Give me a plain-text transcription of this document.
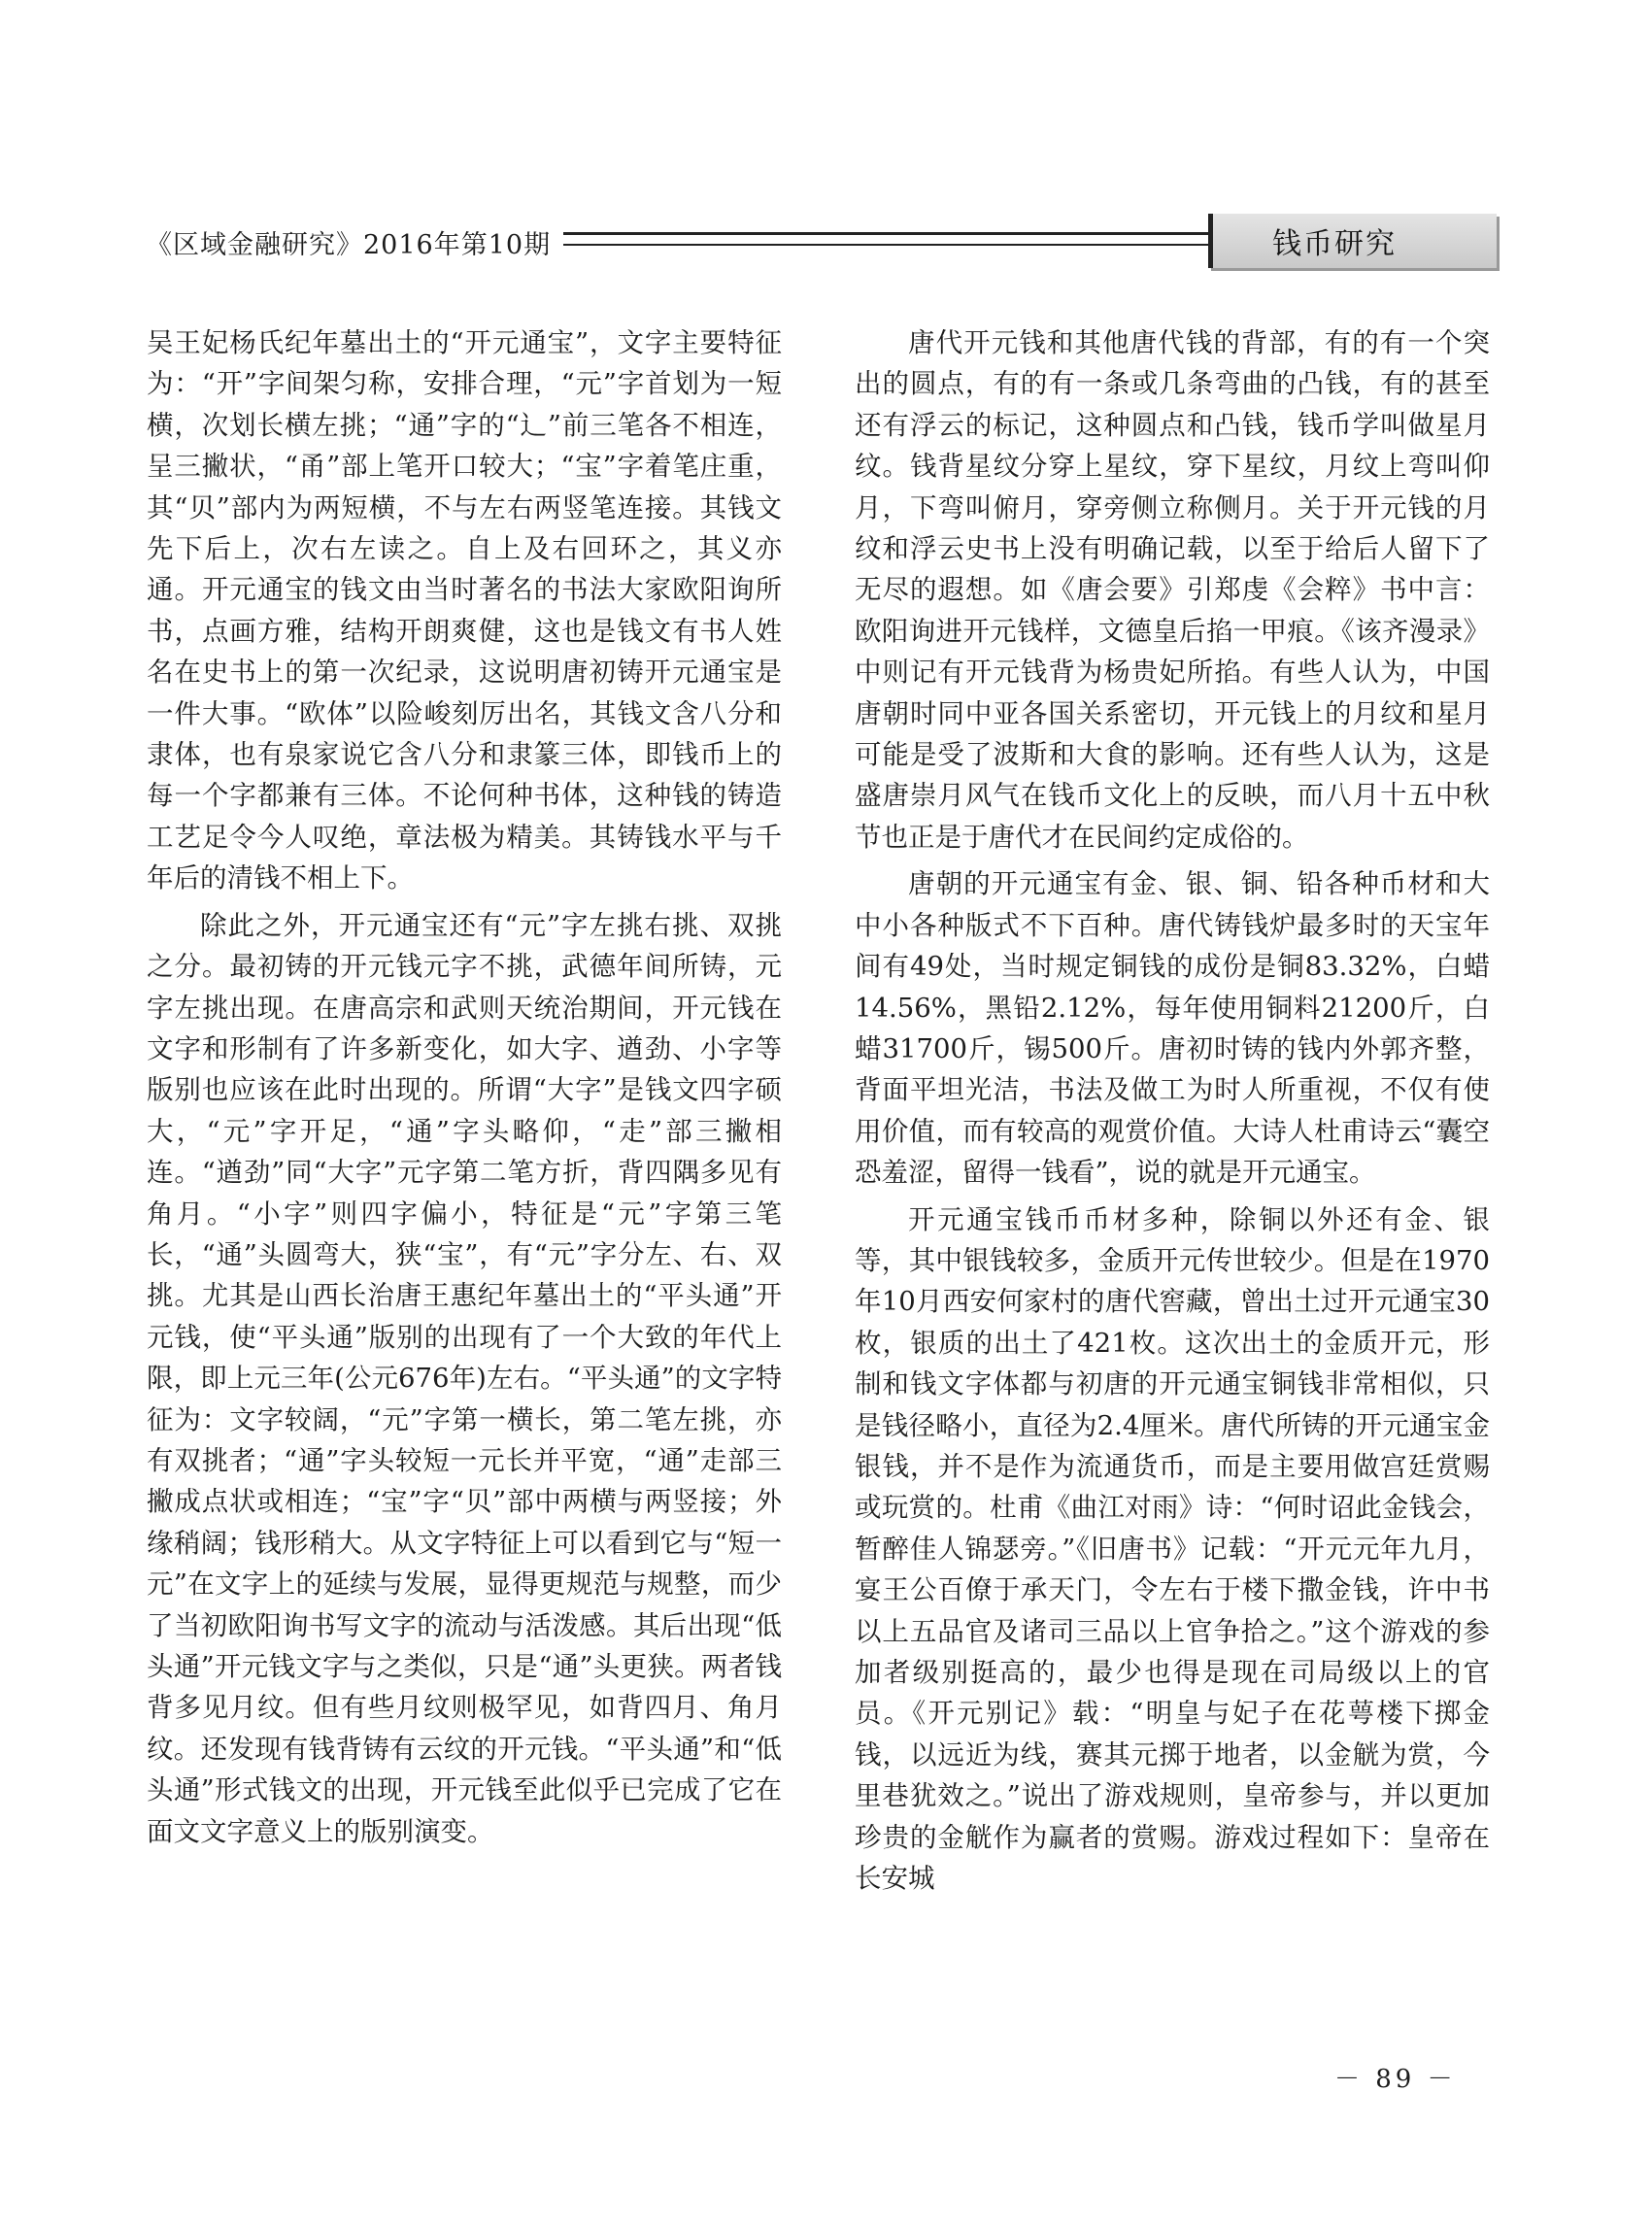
《区域金融研究》2016年第10期	钱币研究

吴王妃杨氏纪年墓出土的“开元通宝”，文字主要特征为：“开”字间架匀称，安排合理，“元”字首划为一短横，次划长横左挑；“通”字的“辶”前三笔各不相连，呈三撇状，“甬”部上笔开口较大；“宝”字着笔庄重，其“贝”部内为两短横，不与左右两竖笔连接。其钱文先下后上，次右左读之。自上及右回环之，其义亦通。开元通宝的钱文由当时著名的书法大家欧阳询所书，点画方雅，结构开朗爽健，这也是钱文有书人姓名在史书上的第一次纪录，这说明唐初铸开元通宝是一件大事。“欧体”以险峻刻厉出名，其钱文含八分和隶体，也有泉家说它含八分和隶篆三体，即钱币上的每一个字都兼有三体。不论何种书体，这种钱的铸造工艺足令今人叹绝，章法极为精美。其铸钱水平与千年后的清钱不相上下。

除此之外，开元通宝还有“元”字左挑右挑、双挑之分。最初铸的开元钱元字不挑，武德年间所铸，元字左挑出现。在唐高宗和武则天统治期间，开元钱在文字和形制有了许多新变化，如大字、遒劲、小字等版别也应该在此时出现的。所谓“大字”是钱文四字硕大，“元”字开足，“通”字头略仰，“走”部三撇相连。“遒劲”同“大字”元字第二笔方折，背四隅多见有角月。“小字”则四字偏小，特征是“元”字第三笔长，“通”头圆弯大，狭“宝”，有“元”字分左、右、双挑。尤其是山西长治唐王惠纪年墓出土的“平头通”开元钱，使“平头通”版别的出现有了一个大致的年代上限，即上元三年(公元676年)左右。“平头通”的文字特征为：文字较阔，“元”字第一横长，第二笔左挑，亦有双挑者；“通”字头较短一元长并平宽，“通”走部三撇成点状或相连；“宝”字“贝”部中两横与两竖接；外缘稍阔；钱形稍大。从文字特征上可以看到它与“短一元”在文字上的延续与发展，显得更规范与规整，而少了当初欧阳询书写文字的流动与活泼感。其后出现“低头通”开元钱文字与之类似，只是“通”头更狭。两者钱背多见月纹。但有些月纹则极罕见，如背四月、角月纹。还发现有钱背铸有云纹的开元钱。“平头通”和“低头通”形式钱文的出现，开元钱至此似乎已完成了它在面文文字意义上的版别演变。

唐代开元钱和其他唐代钱的背部，有的有一个突出的圆点，有的有一条或几条弯曲的凸钱，有的甚至还有浮云的标记，这种圆点和凸钱，钱币学叫做星月纹。钱背星纹分穿上星纹，穿下星纹，月纹上弯叫仰月，下弯叫俯月，穿旁侧立称侧月。关于开元钱的月纹和浮云史书上没有明确记载，以至于给后人留下了无尽的遐想。如《唐会要》引郑虔《会粹》书中言：欧阳询进开元钱样，文德皇后掐一甲痕。《该齐漫录》中则记有开元钱背为杨贵妃所掐。有些人认为，中国唐朝时同中亚各国关系密切，开元钱上的月纹和星月可能是受了波斯和大食的影响。还有些人认为，这是盛唐崇月风气在钱币文化上的反映，而八月十五中秋节也正是于唐代才在民间约定成俗的。

唐朝的开元通宝有金、银、铜、铅各种币材和大中小各种版式不下百种。唐代铸钱炉最多时的天宝年间有49处，当时规定铜钱的成份是铜83.32%，白蜡14.56%，黑铅2.12%，每年使用铜料21200斤，白蜡31700斤，锡500斤。唐初时铸的钱内外郭齐整，背面平坦光洁，书法及做工为时人所重视，不仅有使用价值，而有较高的观赏价值。大诗人杜甫诗云“囊空恐羞涩，留得一钱看”，说的就是开元通宝。

开元通宝钱币币材多种，除铜以外还有金、银等，其中银钱较多，金质开元传世较少。但是在1970年10月西安何家村的唐代窖藏，曾出土过开元通宝30枚，银质的出土了421枚。这次出土的金质开元，形制和钱文字体都与初唐的开元通宝铜钱非常相似，只是钱径略小，直径为2.4厘米。唐代所铸的开元通宝金银钱，并不是作为流通货币，而是主要用做宫廷赏赐或玩赏的。杜甫《曲江对雨》诗：“何时诏此金钱会，暂醉佳人锦瑟旁。”《旧唐书》记载：“开元元年九月，宴王公百僚于承天门，令左右于楼下撒金钱，许中书以上五品官及诸司三品以上官争拾之。”这个游戏的参加者级别挺高的，最少也得是现在司局级以上的官员。《开元别记》载：“明皇与妃子在花萼楼下掷金钱，以远近为线，赛其元掷于地者，以金觥为赏，今里巷犹效之。”说出了游戏规则，皇帝参与，并以更加珍贵的金觥作为赢者的赏赐。游戏过程如下：皇帝在长安城

－ 89 －
